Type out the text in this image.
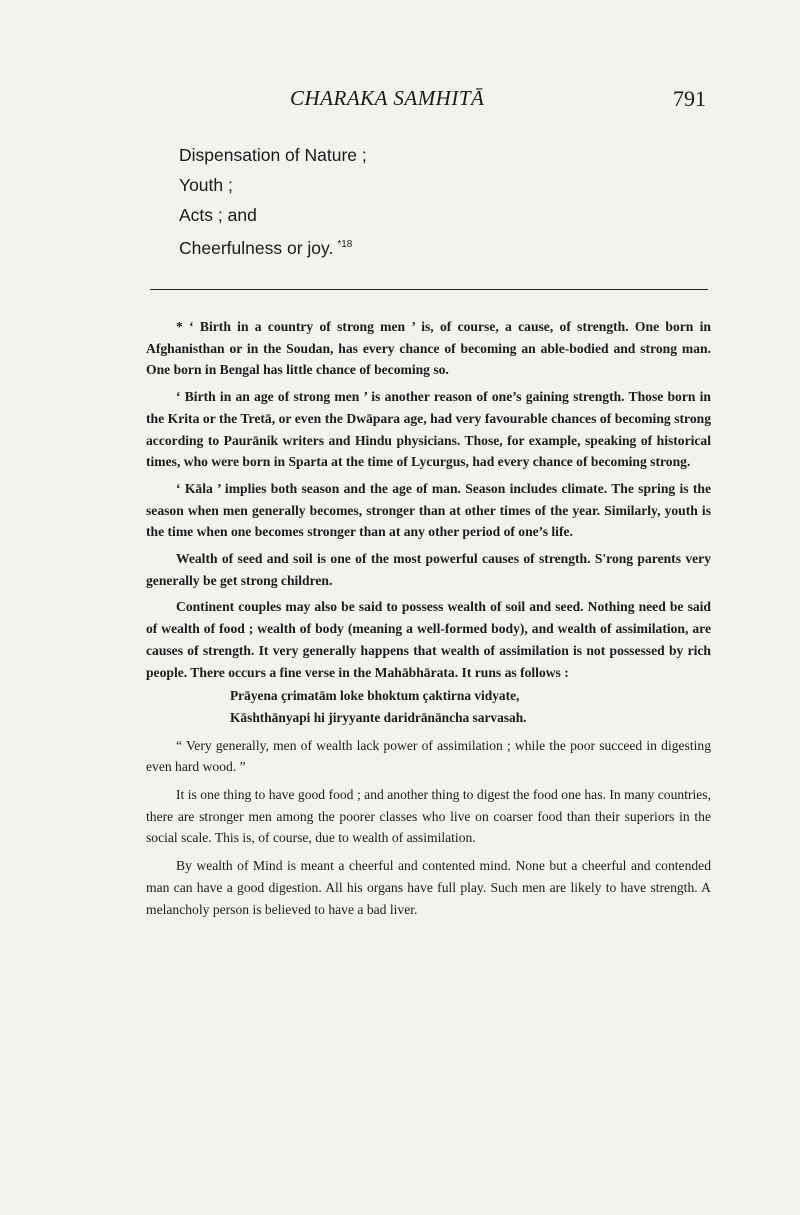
CHARAKA SAMHITĀ	791
Dispensation of Nature ;
Youth ;
Acts ; and
Cheerfulness or joy. $^{*18}$

* ‘ Birth in a country of strong men ’ is, of course, a cause, of strength. One born in Afghanisthan or in the Soudan, has every chance of becoming an able-bodied and strong man. One born in Bengal has little chance of becoming so.

‘ Birth in an age of strong men ’ is another reason of one’s gaining strength. Those born in the Krita or the Tretā, or even the Dwāpara age, had very favourable chances of becoming strong according to Paurānik writers and Hindu physicians. Those, for example, speaking of historical times, who were born in Sparta at the time of Lycurgus, had every chance of becoming strong.

‘ Kāla ’ implies both season and the age of man. Season includes climate. The spring is the season when men generally becomes, stronger than at other times of the year. Similarly, youth is the time when one becomes stronger than at any other period of one’s life.

Wealth of seed and soil is one of the most powerful causes of strength. S'rong parents very generally be get strong children.

Continent couples may also be said to possess wealth of soil and seed. Nothing need be said of wealth of food ; wealth of body (meaning a well-formed body), and wealth of assimilation, are causes of strength. It very generally happens that wealth of assimilation is not possessed by rich people. There occurs a fine verse in the Mahābhārata. It runs as follows :

Prāyena çrimatām loke bhoktum çaktirna vidyate,
Kāshthānyapi hi jiryyante daridrānāncha sarvasah.

“ Very generally, men of wealth lack power of assimilation ; while the poor succeed in digesting even hard wood. ”

It is one thing to have good food ; and another thing to digest the food one has. In many countries, there are stronger men among the poorer classes who live on coarser food than their superiors in the social scale. This is, of course, due to wealth of assimilation.

By wealth of Mind is meant a cheerful and contented mind. None but a cheerful and contended man can have a good digestion. All his organs have full play. Such men are likely to have strength. A melancholy person is believed to have a bad liver.
